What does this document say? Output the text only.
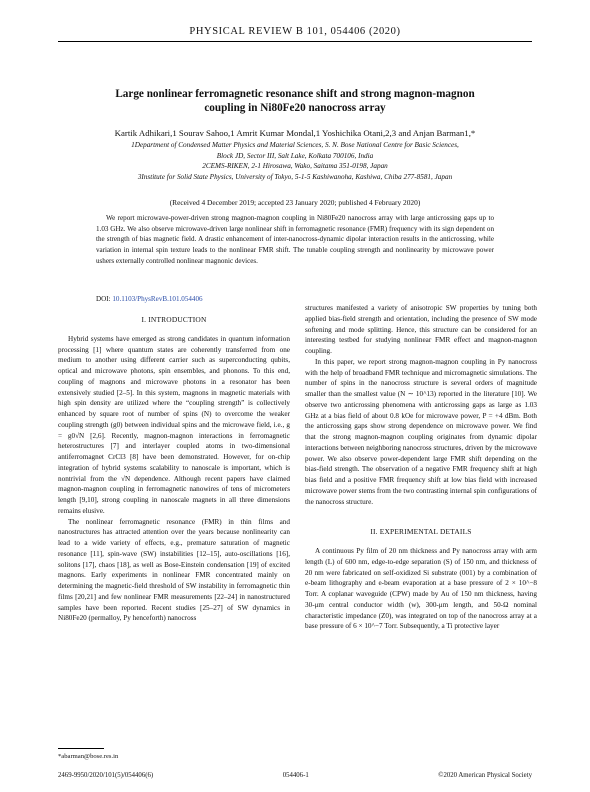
PHYSICAL REVIEW B 101, 054406 (2020)
Large nonlinear ferromagnetic resonance shift and strong magnon-magnon
coupling in Ni80Fe20 nanocross array
Kartik Adhikari,1 Sourav Sahoo,1 Amrit Kumar Mondal,1 Yoshichika Otani,2,3 and Anjan Barman1,*
1Department of Condensed Matter Physics and Material Sciences, S. N. Bose National Centre for Basic Sciences,
Block JD, Sector III, Salt Lake, Kolkata 700106, India
2CEMS-RIKEN, 2-1 Hirosawa, Wako, Saitama 351-0198, Japan
3Institute for Solid State Physics, University of Tokyo, 5-1-5 Kashiwanoha, Kashiwa, Chiba 277-8581, Japan
(Received 4 December 2019; accepted 23 January 2020; published 4 February 2020)
We report microwave-power-driven strong magnon-magnon coupling in Ni80Fe20 nanocross array with large anticrossing gaps up to 1.03 GHz. We also observe microwave-driven large nonlinear shift in ferromagnetic resonance (FMR) frequency with its sign dependent on the strength of bias magnetic field. A drastic enhancement of inter-nanocross-dynamic dipolar interaction results in the anticrossing, while variation in internal spin texture leads to the nonlinear FMR shift. The tunable coupling strength and nonlinearity by microwave power ushers externally controlled nonlinear magnonic devices.
DOI: 10.1103/PhysRevB.101.054406
I. INTRODUCTION

Hybrid systems have emerged as strong candidates in quantum information processing [1] where quantum states are coherently transferred from one medium to another using different carrier such as superconducting qubits, optical and microwave photons, spin ensembles, and phonons. To this end, coupling of magnons and microwave photons in a resonator has been extensively studied [2–5]. In this system, magnons in magnetic materials with high spin density are utilized where the “coupling strength” is collectively enhanced by square root of number of spins (N) to overcome the weaker coupling strength (g0) between individual spins and the microwave field, i.e., g = g0√N [2,6]. Recently, magnon-magnon interactions in ferromagnetic heterostructures [7] and interlayer coupled atoms in two-dimensional antiferromagnet CrCl3 [8] have been demonstrated. However, for on-chip integration of hybrid systems scalability to nanoscale is important, which is nontrivial from the √N dependence. Although recent papers have claimed magnon-magnon coupling in ferromagnetic nanowires of tens of micrometers length [9,10], strong coupling in nanoscale magnets in all three dimensions remains elusive.

The nonlinear ferromagnetic resonance (FMR) in thin films and nanostructures has attracted attention over the years because nonlinearity can lead to a wide variety of effects, e.g., premature saturation of magnetic resonance [11], spin-wave (SW) instabilities [12–15], auto-oscillations [16], solitons [17], chaos [18], as well as Bose-Einstein condensation [19] of excited magnons. Early experiments in nonlinear FMR concentrated mainly on determining the magnetic-field threshold of SW instability in ferromagnetic thin films [20,21] and few nonlinear FMR measurements [22–24] in nanostructured samples have been reported. Recent studies [25–27] of SW dynamics in Ni80Fe20 (permalloy, Py henceforth) nanocross

structures manifested a variety of anisotropic SW properties by tuning both applied bias-field strength and orientation, including the presence of SW mode softening and mode splitting. Hence, this structure can be considered for an interesting testbed for studying nonlinear FMR effect and magnon-magnon coupling.

In this paper, we report strong magnon-magnon coupling in Py nanocross with the help of broadband FMR technique and micromagnetic simulations. The number of spins in the nanocross structure is several orders of magnitude smaller than the smallest value (N ∼ 10^13) reported in the literature [10]. We observe two anticrossing phenomena with anticrossing gaps as large as 1.03 GHz at a bias field of about 0.8 kOe for microwave power, P = +4 dBm. Both the anticrossing gaps show strong dependence on microwave power. We find that the strong magnon-magnon coupling originates from dynamic dipolar interactions between neighboring nanocross structures, driven by the microwave power. We also observe power-dependent large FMR shift depending on the bias-field strength. The observation of a negative FMR frequency shift at high bias field and a positive FMR frequency shift at low bias field with increased microwave power stems from the two contrasting internal spin configurations of the nanocross structure.

II. EXPERIMENTAL DETAILS

A continuous Py film of 20 nm thickness and Py nanocross array with arm length (L) of 600 nm, edge-to-edge separation (S) of 150 nm, and thickness of 20 nm were fabricated on self-oxidized Si substrate (001) by a combination of e-beam lithography and e-beam evaporation at a base pressure of 2 × 10^−8 Torr. A coplanar waveguide (CPW) made by Au of 150 nm thickness, having 30-μm central conductor width (w), 300-μm length, and 50-Ω nominal characteristic impedance (Z0), was integrated on top of the nanocross array at a base pressure of 6 × 10^−7 Torr. Subsequently, a Ti protective layer

*abarman@bose.res.in
2469-9950/2020/101(5)/054406(6)	054406-1	©2020 American Physical Society
